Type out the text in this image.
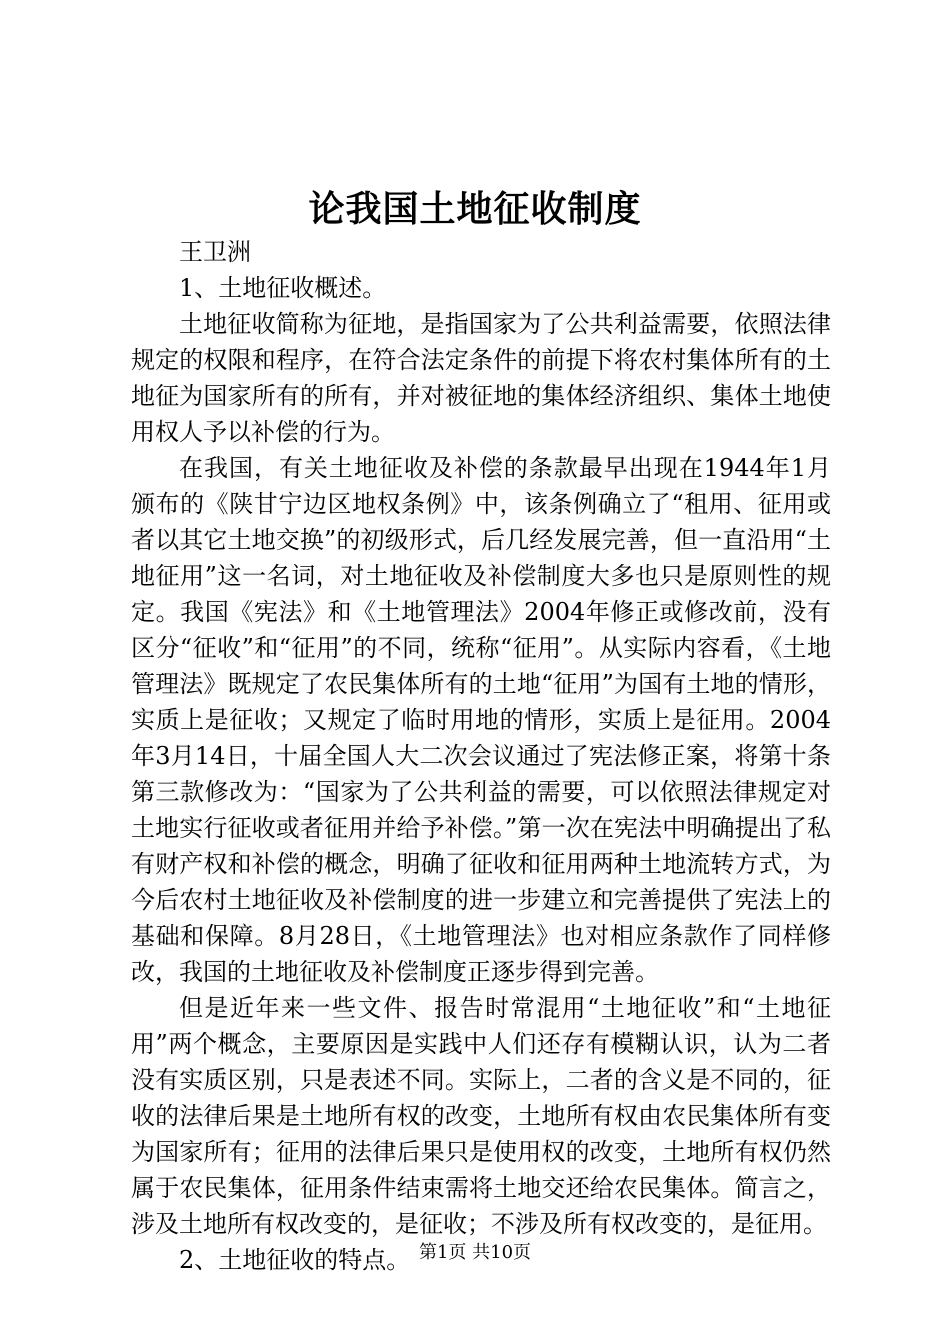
论我国土地征收制度

王卫洲

1、土地征收概述。

土地征收简称为征地，是指国家为了公共利益需要，依照法律规定的权限和程序，在符合法定条件的前提下将农村集体所有的土地征为国家所有的所有，并对被征地的集体经济组织、集体土地使用权人予以补偿的行为。

在我国，有关土地征收及补偿的条款最早出现在1944年1月颁布的《陕甘宁边区地权条例》中，该条例确立了“租用、征用或者以其它土地交换”的初级形式，后几经发展完善，但一直沿用“土地征用”这一名词，对土地征收及补偿制度大多也只是原则性的规定。我国《宪法》和《土地管理法》2004年修正或修改前，没有区分“征收”和“征用”的不同，统称“征用”。从实际内容看，《土地管理法》既规定了农民集体所有的土地“征用”为国有土地的情形，实质上是征收；又规定了临时用地的情形，实质上是征用。2004年3月14日，十届全国人大二次会议通过了宪法修正案，将第十条第三款修改为：“国家为了公共利益的需要，可以依照法律规定对土地实行征收或者征用并给予补偿。”第一次在宪法中明确提出了私有财产权和补偿的概念，明确了征收和征用两种土地流转方式，为今后农村土地征收及补偿制度的进一步建立和完善提供了宪法上的基础和保障。8月28日，《土地管理法》也对相应条款作了同样修改，我国的土地征收及补偿制度正逐步得到完善。

但是近年来一些文件、报告时常混用“土地征收”和“土地征用”两个概念，主要原因是实践中人们还存有模糊认识，认为二者没有实质区别，只是表述不同。实际上，二者的含义是不同的，征收的法律后果是土地所有权的改变，土地所有权由农民集体所有变为国家所有；征用的法律后果只是使用权的改变，土地所有权仍然属于农民集体，征用条件结束需将土地交还给农民集体。简言之，涉及土地所有权改变的，是征收；不涉及所有权改变的，是征用。

2、土地征收的特点。 第1页 共10页
